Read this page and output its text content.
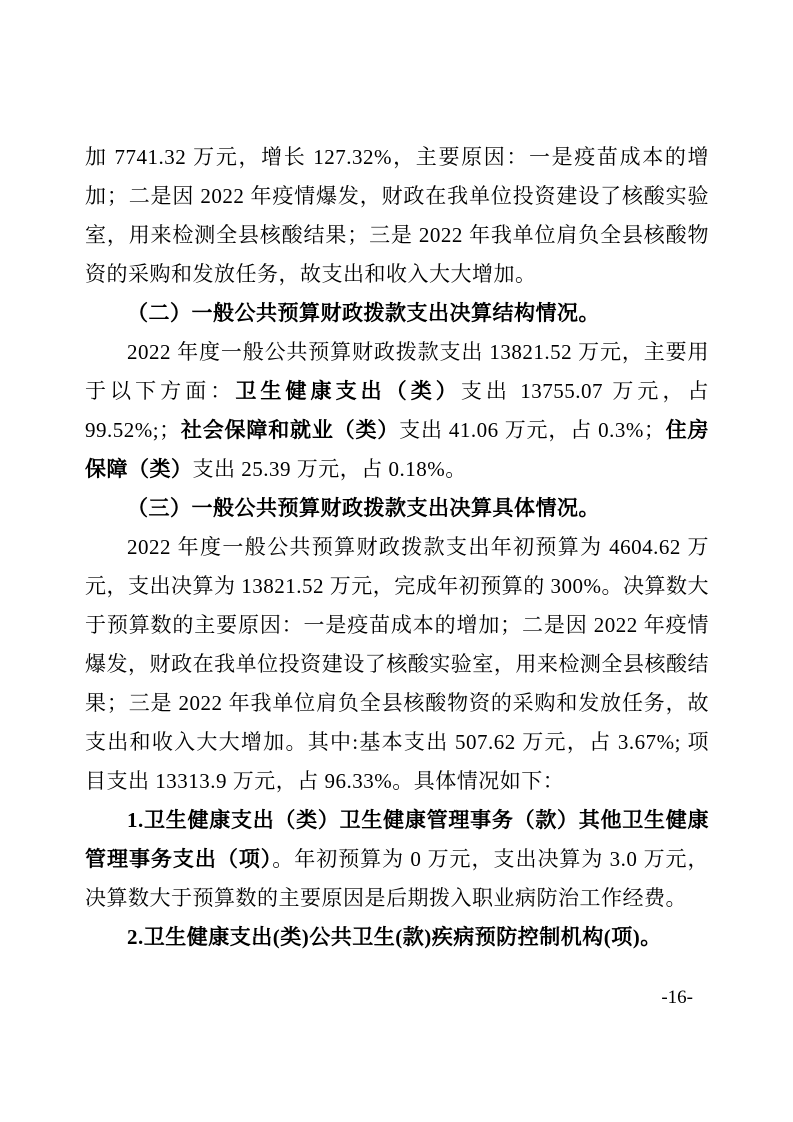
加 7741.32 万元，增长 127.32%，主要原因：一是疫苗成本的增加；二是因 2022 年疫情爆发，财政在我单位投资建设了核酸实验室，用来检测全县核酸结果；三是 2022 年我单位肩负全县核酸物资的采购和发放任务，故支出和收入大大增加。

（二）一般公共预算财政拨款支出决算结构情况。

2022 年度一般公共预算财政拨款支出 13821.52 万元，主要用于以下方面：卫生健康支出（类）支出 13755.07 万元，占 99.52%;；社会保障和就业（类）支出 41.06 万元，占 0.3%；住房保障（类）支出 25.39 万元，占 0.18%。

（三）一般公共预算财政拨款支出决算具体情况。

2022 年度一般公共预算财政拨款支出年初预算为 4604.62 万元，支出决算为 13821.52 万元，完成年初预算的 300%。决算数大于预算数的主要原因：一是疫苗成本的增加；二是因 2022 年疫情爆发，财政在我单位投资建设了核酸实验室，用来检测全县核酸结果；三是 2022 年我单位肩负全县核酸物资的采购和发放任务，故支出和收入大大增加。其中:基本支出 507.62 万元，占 3.67%; 项目支出 13313.9 万元，占 96.33%。具体情况如下：

1.卫生健康支出（类）卫生健康管理事务（款）其他卫生健康管理事务支出（项）。年初预算为 0 万元，支出决算为 3.0 万元，决算数大于预算数的主要原因是后期拨入职业病防治工作经费。

2.卫生健康支出(类)公共卫生(款)疾病预防控制机构(项)。

-16-
